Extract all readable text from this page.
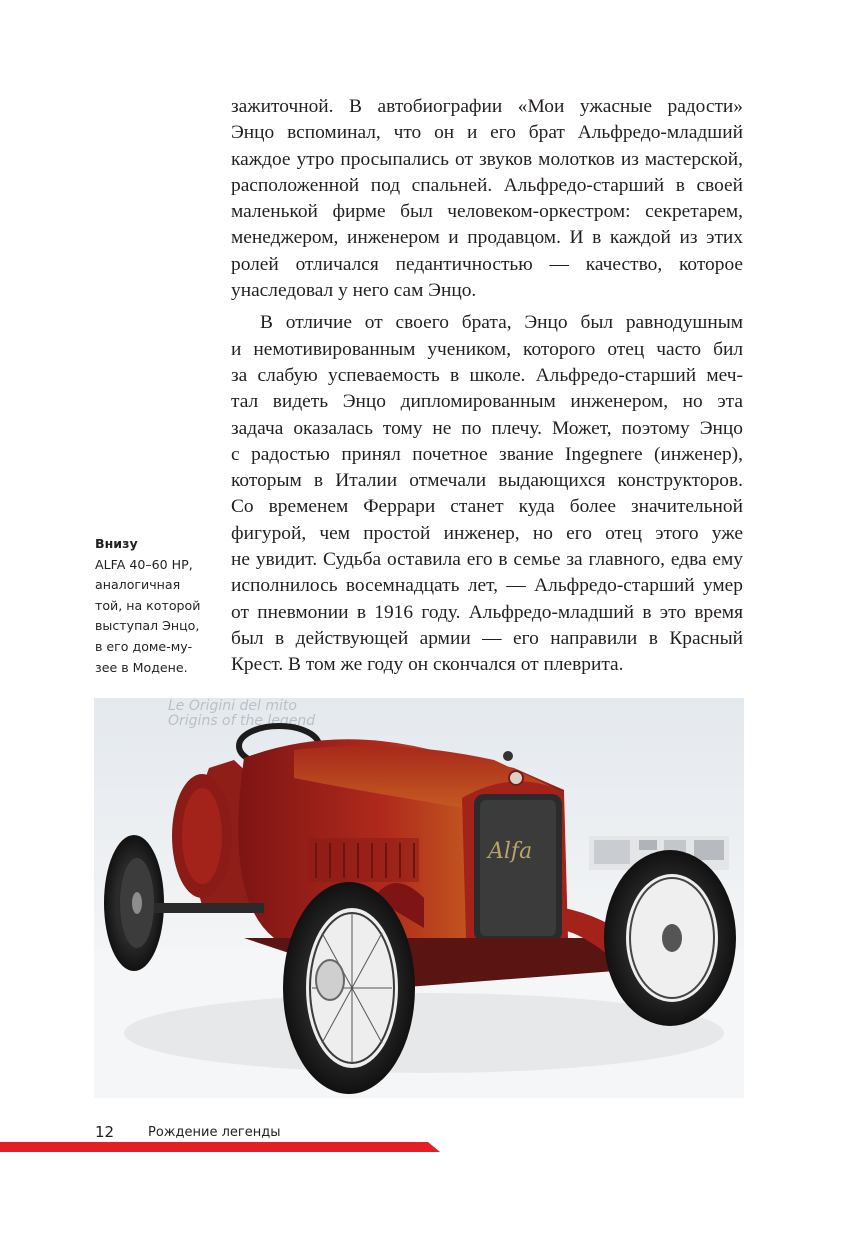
зажиточной. В автобиографии «Мои ужасные радости»

Энцо вспоминал, что он и его брат Альфредо-младший

каждое утро просыпались от звуков молотков из мастерской,

расположенной под спальней. Альфредо-старший в своей

маленькой фирме был человеком-оркестром: секретарем,

менеджером, инженером и продавцом. И в каждой из этих

ролей отличался педантичностью — качество, которое

унаследовал у него сам Энцо.

В отличие от своего брата, Энцо был равнодушным

и немотивированным учеником, которого отец часто бил

за слабую успеваемость в школе. Альфредо-старший меч-

тал видеть Энцо дипломированным инженером, но эта

задача оказалась тому не по плечу. Может, поэтому Энцо

с радостью принял почетное звание Ingegnere (инженер),

которым в Италии отмечали выдающихся конструкторов.

Со временем Феррари станет куда более значительной

фигурой, чем простой инженер, но его отец этого уже

не увидит. Судьба оставила его в семье за главного, едва ему

исполнилось восемнадцать лет, — Альфредо-старший умер

от пневмонии в 1916 году. Альфредо-младший в это время

был в действующей армии — его направили в Красный

Крест. В том же году он скончался от плеврита.

Внизу
ALFA 40–60 HP,
аналогичная
той, на которой
выступал Энцо,
в его доме-му-
зее в Модене.
Le Origini del mito
Origins of the legend
Alfa
12	Рождение легенды
